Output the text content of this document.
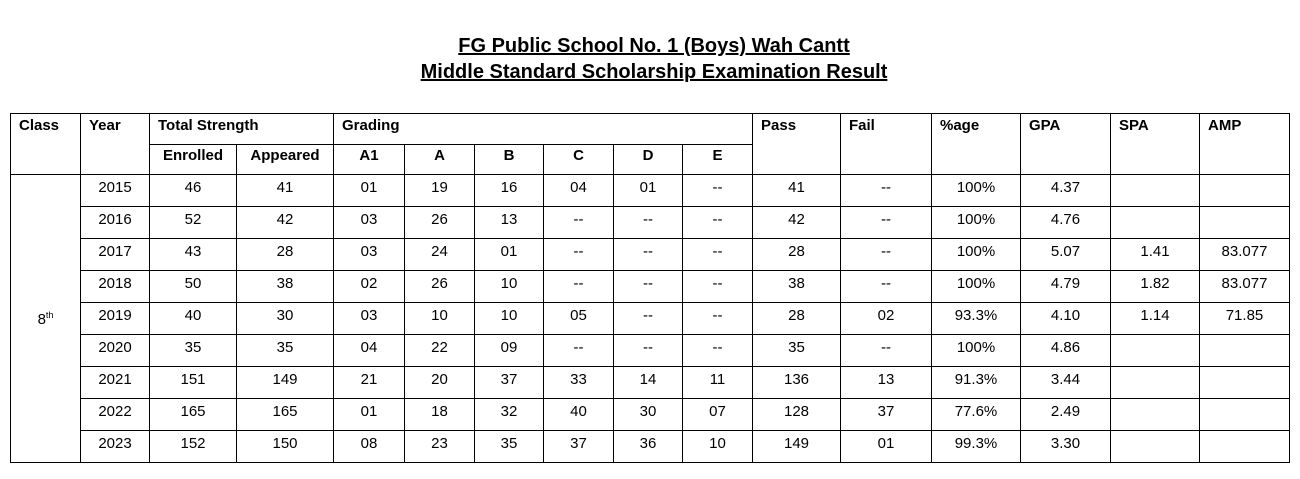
FG Public School No. 1 (Boys) Wah Cantt
Middle Standard Scholarship Examination Result
Class	Year	Total Strength		Grading						Pass	Fail	%age	GPA	SPA	AMP
		Enrolled	Appeared	A1	A	B	C	D	E						
8th	2015	46	41	01	19	16	04	01	--	41	--	100%	4.37		
	2016	52	42	03	26	13	--	--	--	42	--	100%	4.76		
	2017	43	28	03	24	01	--	--	--	28	--	100%	5.07	1.41	83.077
	2018	50	38	02	26	10	--	--	--	38	--	100%	4.79	1.82	83.077
	2019	40	30	03	10	10	05	--	--	28	02	93.3%	4.10	1.14	71.85
	2020	35	35	04	22	09	--	--	--	35	--	100%	4.86		
	2021	151	149	21	20	37	33	14	11	136	13	91.3%	3.44		
	2022	165	165	01	18	32	40	30	07	128	37	77.6%	2.49		
	2023	152	150	08	23	35	37	36	10	149	01	99.3%	3.30		
